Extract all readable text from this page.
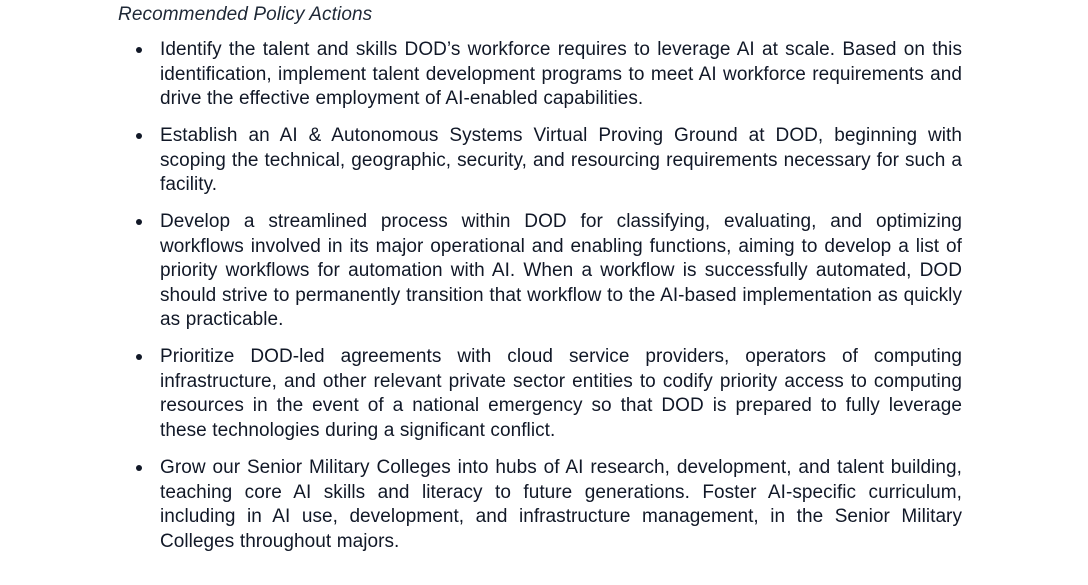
Recommended Policy Actions

Identify the talent and skills DOD’s workforce requires to leverage AI at scale. Based on this identification, implement talent development programs to meet AI workforce requirements and drive the effective employment of AI-enabled capabilities.

Establish an AI & Autonomous Systems Virtual Proving Ground at DOD, beginning with scoping the technical, geographic, security, and resourcing requirements necessary for such a facility.

Develop a streamlined process within DOD for classifying, evaluating, and optimizing workflows involved in its major operational and enabling functions, aiming to develop a list of priority workflows for automation with AI. When a workflow is successfully automated, DOD should strive to permanently transition that workflow to the AI-based implementation as quickly as practicable.

Prioritize DOD-led agreements with cloud service providers, operators of computing infrastructure, and other relevant private sector entities to codify priority access to computing resources in the event of a national emergency so that DOD is prepared to fully leverage these technologies during a significant conflict.

Grow our Senior Military Colleges into hubs of AI research, development, and talent building, teaching core AI skills and literacy to future generations. Foster AI-specific curriculum, including in AI use, development, and infrastructure management, in the Senior Military Colleges throughout majors.
